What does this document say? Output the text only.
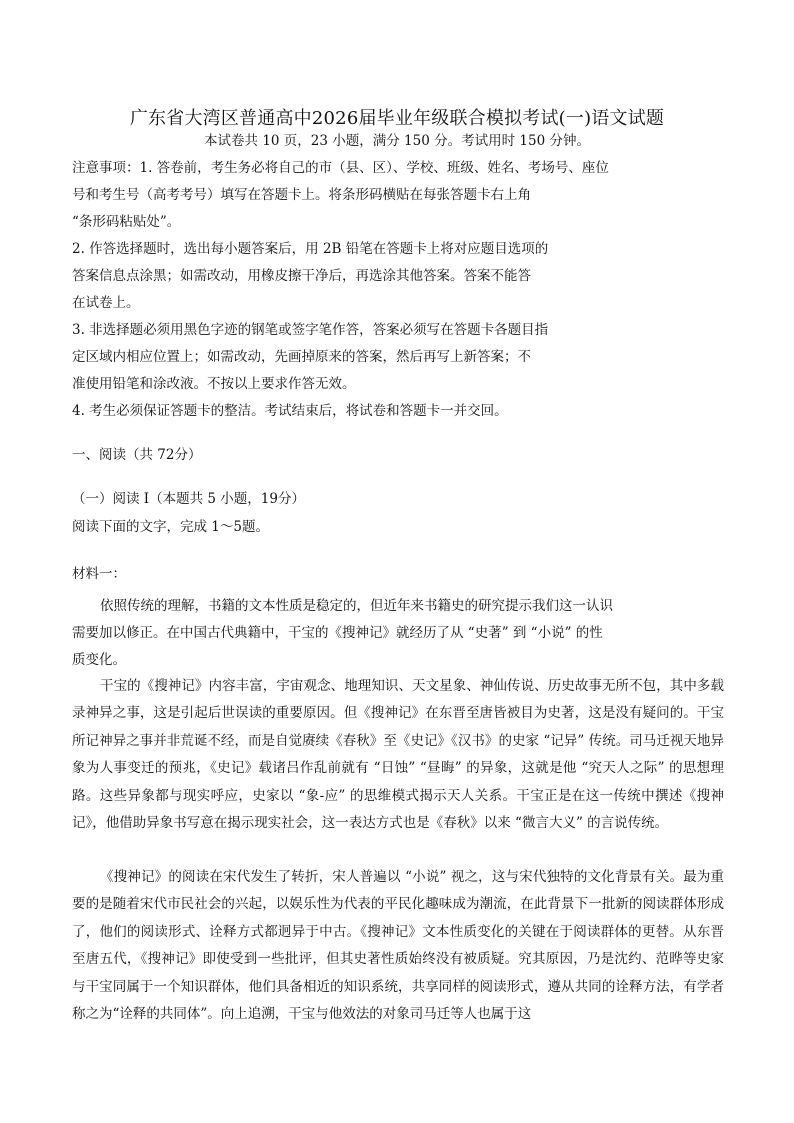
广东省大湾区普通高中2026届毕业年级联合模拟考试(一)语文试题
本试卷共 10 页，23 小题，满分 150 分。考试用时 150 分钟。
注意事项：1. 答卷前，考生务必将自己的市（县、区）、学校、班级、姓名、考场号、座位
号和考生号（高考考号）填写在答题卡上。将条形码横贴在每张答题卡右上角
“条形码粘贴处”。
2. 作答选择题时，选出每小题答案后，用 2B 铅笔在答题卡上将对应题目选项的
答案信息点涂黑；如需改动，用橡皮擦干净后，再选涂其他答案。答案不能答
在试卷上。
3. 非选择题必须用黑色字迹的钢笔或签字笔作答，答案必须写在答题卡各题目指
定区域内相应位置上；如需改动，先画掉原来的答案，然后再写上新答案；不
准使用铅笔和涂改液。不按以上要求作答无效。
4. 考生必须保证答题卡的整洁。考试结束后，将试卷和答题卡一并交回。
一、阅读（共 72分）
（一）阅读 I（本题共 5 小题，19分）
阅读下面的文字，完成 1～5题。
材料一：
依照传统的理解，书籍的文本性质是稳定的，但近年来书籍史的研究提示我们这一认识
需要加以修正。在中国古代典籍中，干宝的《搜神记》就经历了从 “史著” 到 “小说” 的性
质变化。
干宝的《搜神记》内容丰富，宇宙观念、地理知识、天文星象、神仙传说、历史故事无所不包，其中多载录神异之事，这是引起后世误读的重要原因。但《搜神记》在东晋至唐皆被目为史著，这是没有疑问的。干宝所记神异之事并非荒诞不经，而是自觉赓续《春秋》至《史记》《汉书》的史家 “记异” 传统。司马迁视天地异象为人事变迁的预兆，《史记》载诸吕作乱前就有 “日蚀” “昼晦” 的异象，这就是他 “究天人之际” 的思想理路。这些异象都与现实呼应，史家以 “象-应” 的思维模式揭示天人关系。干宝正是在这一传统中撰述《搜神记》，他借助异象书写意在揭示现实社会，这一表达方式也是《春秋》以来 “微言大义” 的言说传统。
《搜神记》的阅读在宋代发生了转折，宋人普遍以 “小说” 视之，这与宋代独特的文化背景有关。最为重要的是随着宋代市民社会的兴起，以娱乐性为代表的平民化趣味成为潮流，在此背景下一批新的阅读群体形成了，他们的阅读形式、诠释方式都迥异于中古。《搜神记》文本性质变化的关键在于阅读群体的更替。从东晋至唐五代，《搜神记》即使受到一些批评，但其史著性质始终没有被质疑。究其原因，乃是沈约、范晔等史家与干宝同属于一个知识群体，他们具备相近的知识系统，共享同样的阅读形式，遵从共同的诠释方法，有学者称之为“诠释的共同体”。向上追溯，干宝与他效法的对象司马迁等人也属于这
